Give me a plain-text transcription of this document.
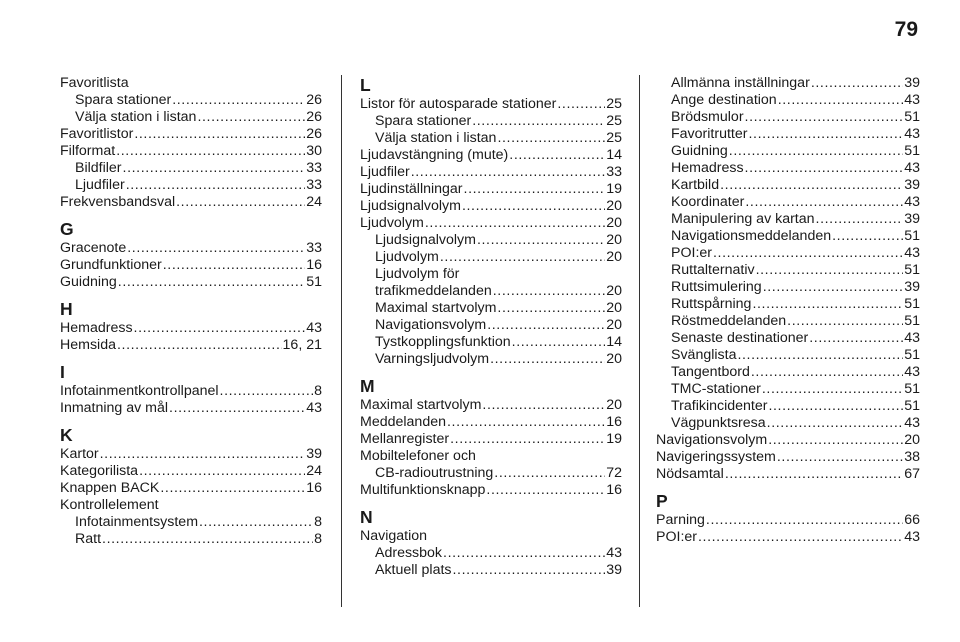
79
Favoritlista
Spara stationer .....	26
Välja station i listan .....	26
Favoritlistor .....	26
Filformat .....	30
Bildfiler .....	33
Ljudfiler .....	33
Frekvensbandsval .....	24
G
Gracenote .....	33
Grundfunktioner .....	16
Guidning .....	51
H
Hemadress .....	43
Hemsida .....	16, 21
I
Infotainmentkontrollpanel .....	8
Inmatning av mål .....	43
K
Kartor .....	39
Kategorilista .....	24
Knappen BACK .....	16
Kontrollelement
Infotainmentsystem .....	8
Ratt .....	8
L
Listor för autosparade stationer .....	25
Spara stationer .....	25
Välja station i listan .....	25
Ljudavstängning (mute) .....	14
Ljudfiler .....	33
Ljudinställningar .....	19
Ljudsignalvolym .....	20
Ljudvolym .....	20
Ljudsignalvolym .....	20
Ljudvolym .....	20
Ljudvolym för
trafikmeddelanden .....	20
Maximal startvolym .....	20
Navigationsvolym .....	20
Tystkopplingsfunktion .....	14
Varningsljudvolym .....	20
M
Maximal startvolym .....	20
Meddelanden .....	16
Mellanregister .....	19
Mobiltelefoner och
CB-radioutrustning .....	72
Multifunktionsknapp .....	16
N
Navigation
Adressbok .....	43
Aktuell plats .....	39
Allmänna inställningar .....	39
Ange destination .....	43
Brödsmulor .....	51
Favoritrutter .....	43
Guidning .....	51
Hemadress .....	43
Kartbild .....	39
Koordinater .....	43
Manipulering av kartan .....	39
Navigationsmeddelanden .....	51
POI:er .....	43
Ruttalternativ .....	51
Ruttsimulering .....	39
Ruttspårning .....	51
Röstmeddelanden .....	51
Senaste destinationer .....	43
Svänglista .....	51
Tangentbord .....	43
TMC-stationer .....	51
Trafikincidenter .....	51
Vägpunktsresa .....	43
Navigationsvolym .....	20
Navigeringssystem .....	38
Nödsamtal .....	67
P
Parning .....	66
POI:er .....	43
